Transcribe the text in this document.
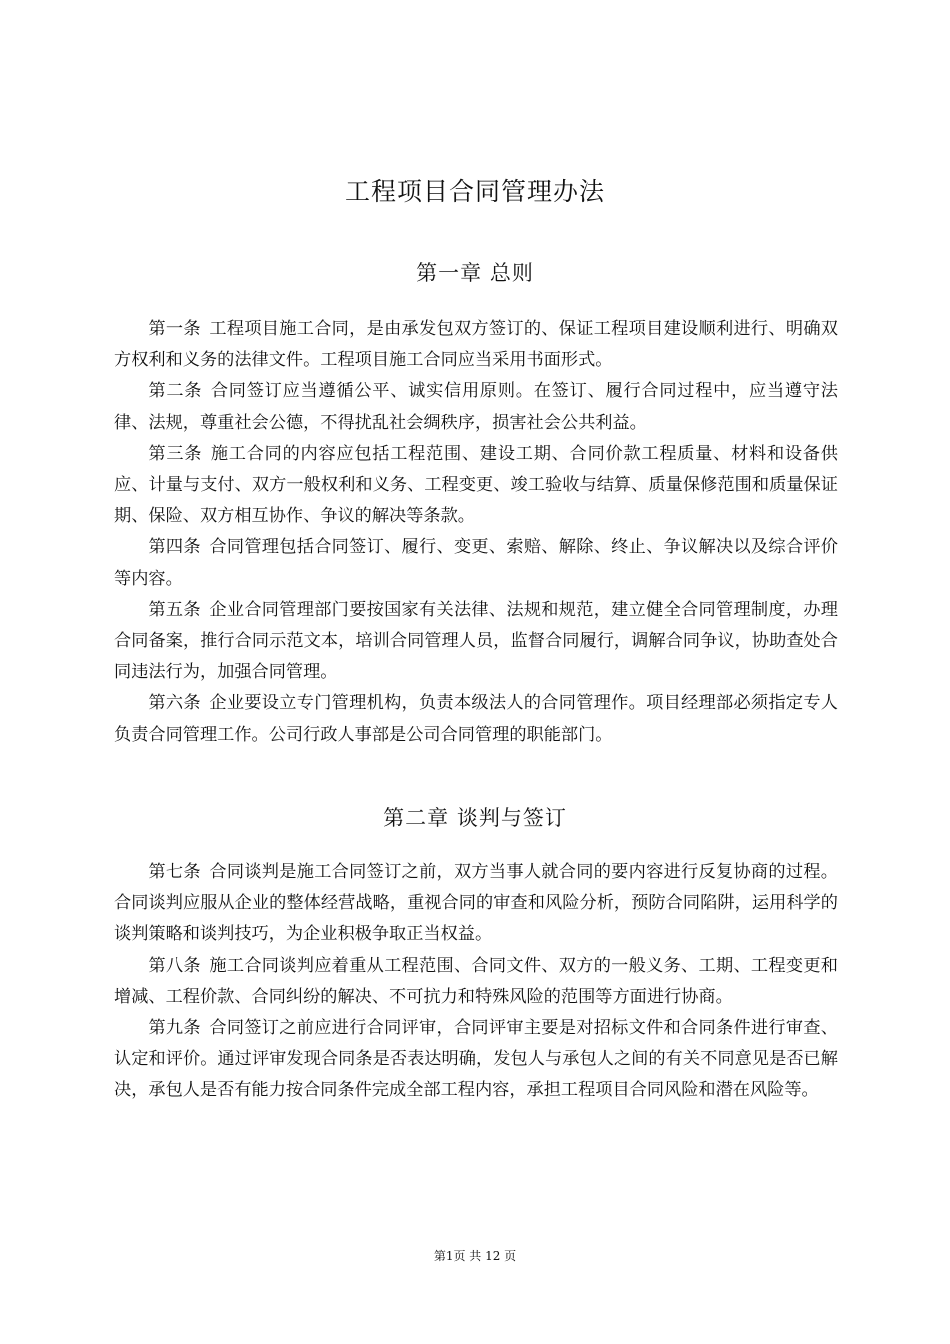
工程项目合同管理办法
第一章 总则

第一条 工程项目施工合同，是由承发包双方签订的、保证工程项目建设顺利进行、明确双方权利和义务的法律文件。工程项目施工合同应当采用书面形式。

第二条 合同签订应当遵循公平、诚实信用原则。在签订、履行合同过程中，应当遵守法律、法规，尊重社会公德，不得扰乱社会绸秩序，损害社会公共利益。

第三条 施工合同的内容应包括工程范围、建设工期、合同价款工程质量、材料和设备供应、计量与支付、双方一般权利和义务、工程变更、竣工验收与结算、质量保修范围和质量保证期、保险、双方相互协作、争议的解决等条款。

第四条 合同管理包括合同签订、履行、变更、索赔、解除、终止、争议解决以及综合评价等内容。

第五条 企业合同管理部门要按国家有关法律、法规和规范，建立健全合同管理制度，办理合同备案，推行合同示范文本，培训合同管理人员，监督合同履行，调解合同争议，协助查处合同违法行为，加强合同管理。

第六条 企业要设立专门管理机构，负责本级法人的合同管理作。项目经理部必须指定专人负责合同管理工作。公司行政人事部是公司合同管理的职能部门。

第二章 谈判与签订

第七条 合同谈判是施工合同签订之前，双方当事人就合同的要内容进行反复协商的过程。合同谈判应服从企业的整体经营战略，重视合同的审查和风险分析，预防合同陷阱，运用科学的谈判策略和谈判技巧，为企业积极争取正当权益。

第八条 施工合同谈判应着重从工程范围、合同文件、双方的一般义务、工期、工程变更和增减、工程价款、合同纠纷的解决、不可抗力和特殊风险的范围等方面进行协商。

第九条 合同签订之前应进行合同评审，合同评审主要是对招标文件和合同条件进行审查、认定和评价。通过评审发现合同条是否表达明确，发包人与承包人之间的有关不同意见是否已解决，承包人是否有能力按合同条件完成全部工程内容，承担工程项目合同风险和潜在风险等。

第1页 共 12 页
